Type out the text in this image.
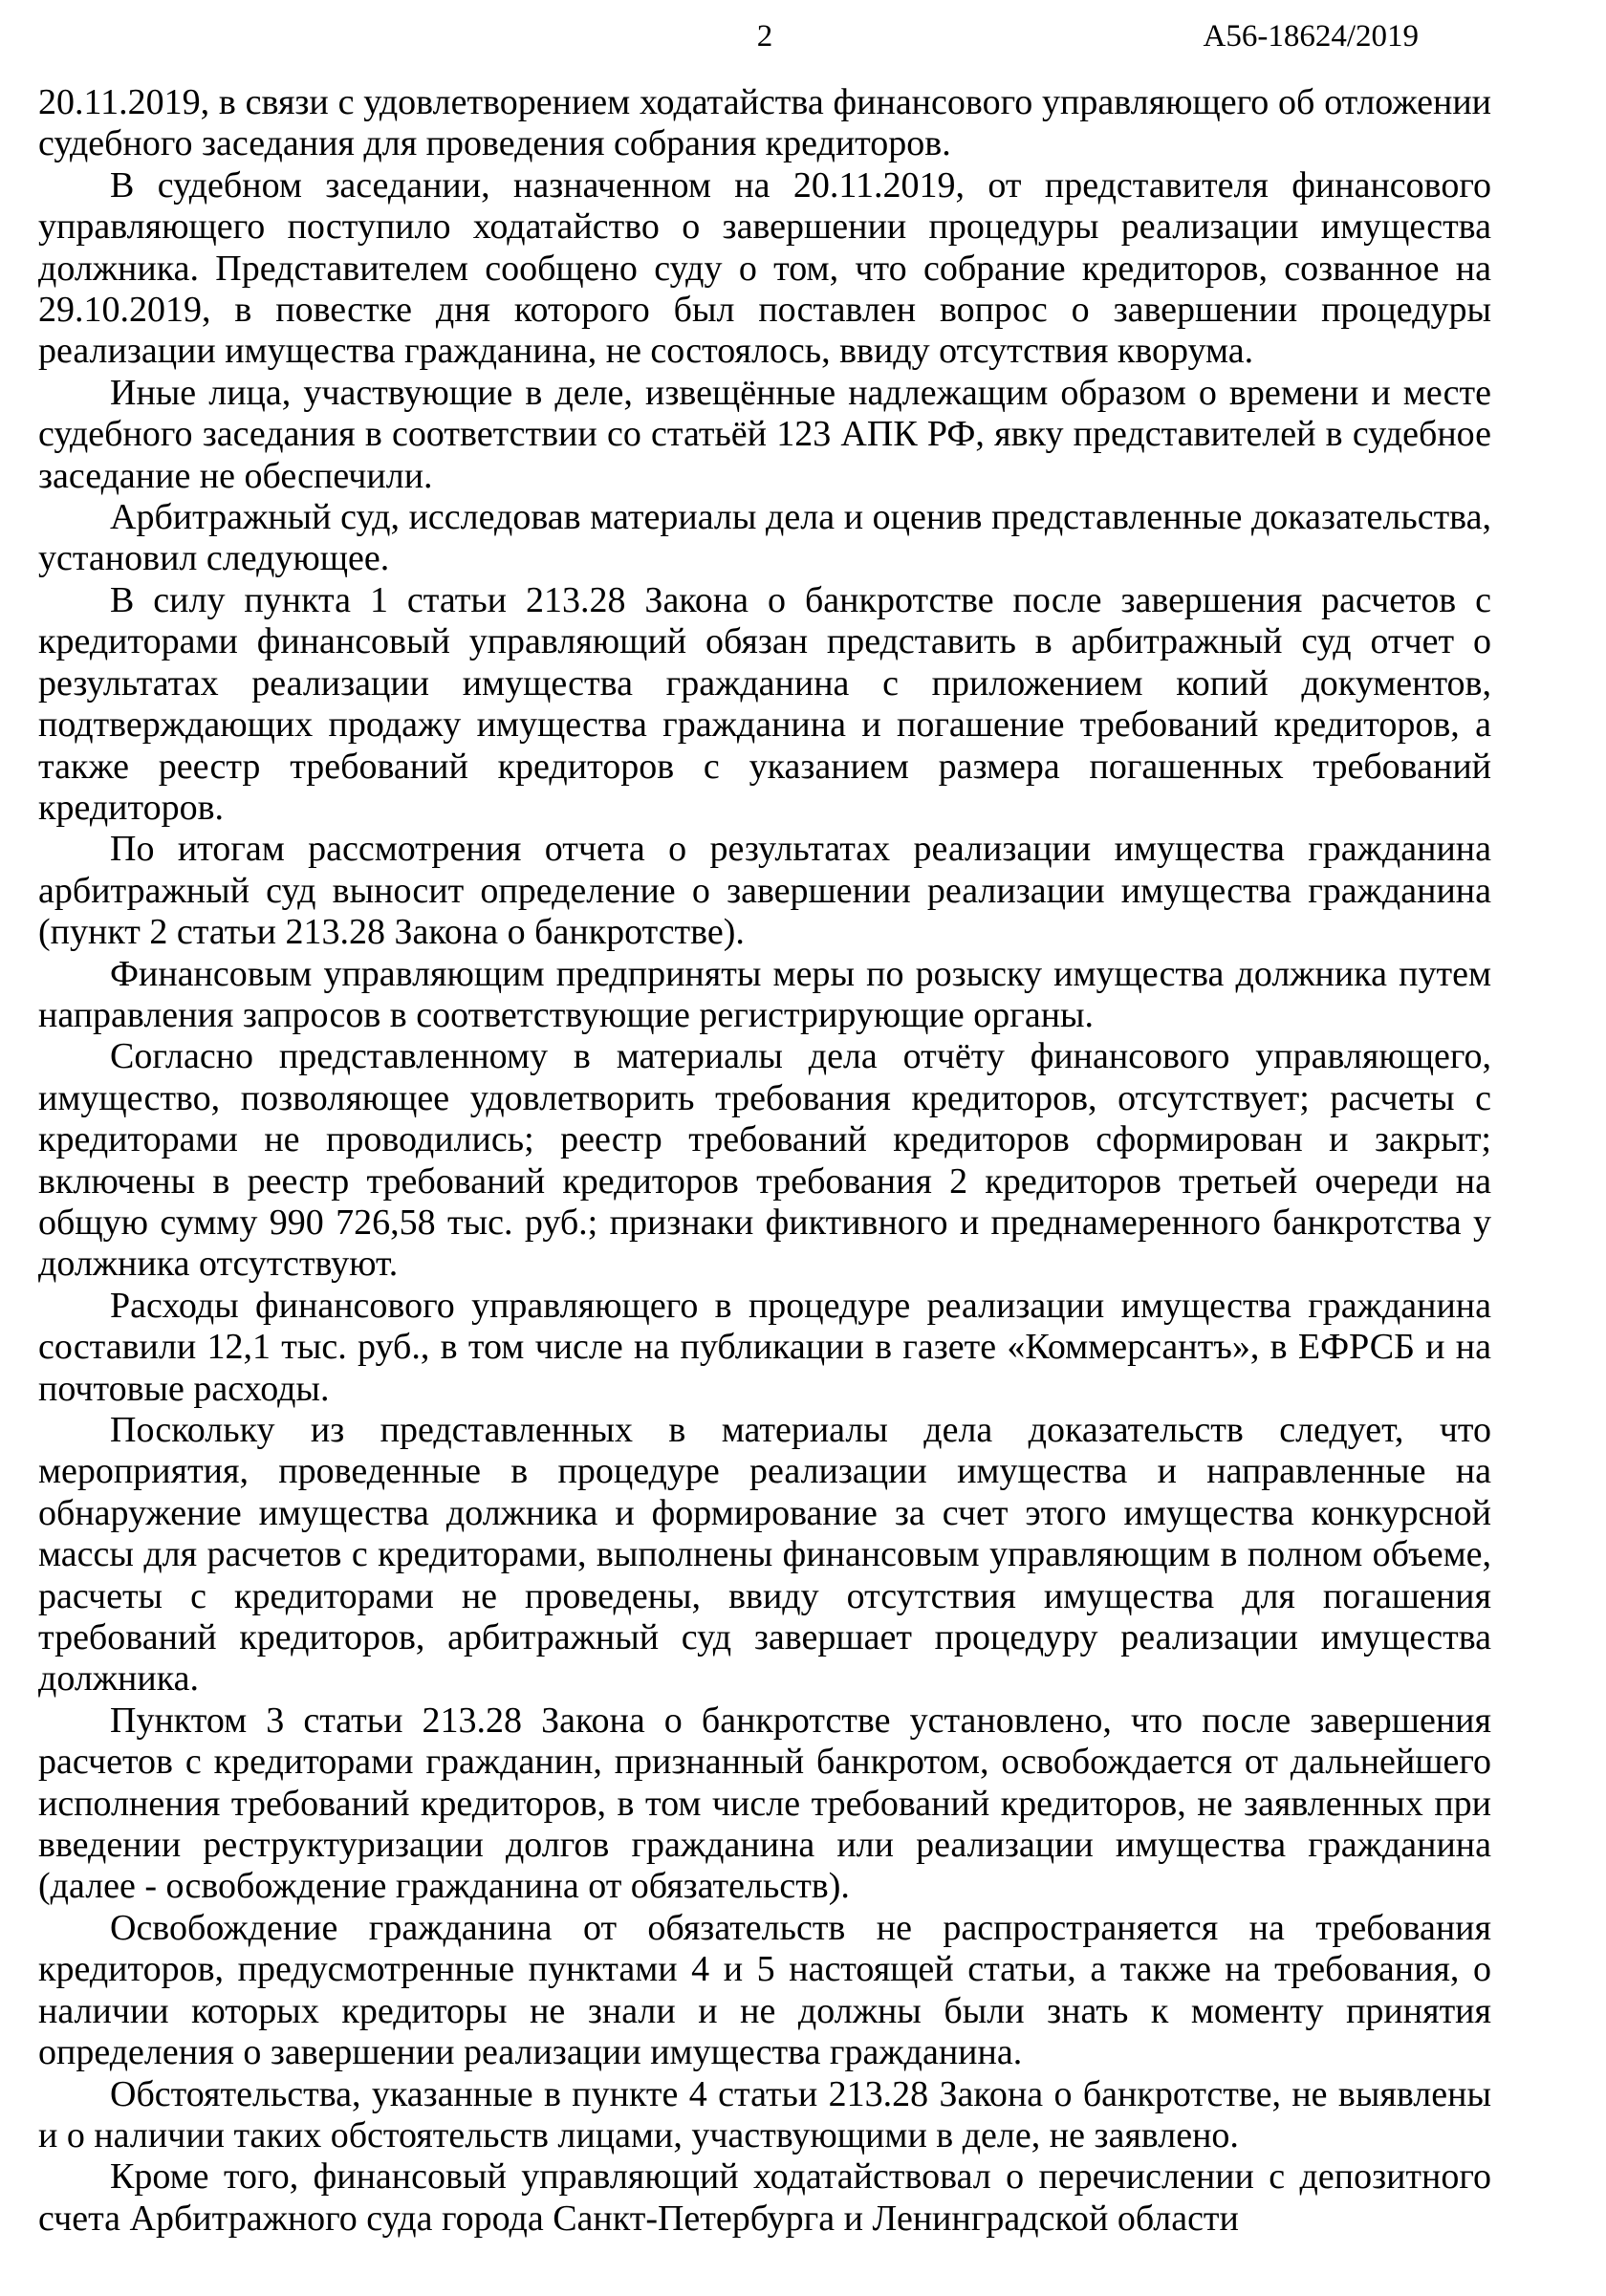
2	А56-18624/2019

20.11.2019, в связи с удовлетворением ходатайства финансового управляющего об отложении судебного заседания для проведения собрания кредиторов.

В судебном заседании, назначенном на 20.11.2019, от представителя финансового управляющего поступило ходатайство о завершении процедуры реализации имущества должника. Представителем сообщено суду о том, что собрание кредиторов, созванное на 29.10.2019, в повестке дня которого был поставлен вопрос о завершении процедуры реализации имущества гражданина, не состоялось, ввиду отсутствия кворума.

Иные лица, участвующие в деле, извещённые надлежащим образом о времени и месте судебного заседания в соответствии со статьёй 123 АПК РФ, явку представителей в судебное заседание не обеспечили.

Арбитражный суд, исследовав материалы дела и оценив представленные доказательства, установил следующее.

В силу пункта 1 статьи 213.28 Закона о банкротстве после завершения расчетов с кредиторами финансовый управляющий обязан представить в арбитражный суд отчет о результатах реализации имущества гражданина с приложением копий документов, подтверждающих продажу имущества гражданина и погашение требований кредиторов, а также реестр требований кредиторов с указанием размера погашенных требований кредиторов.

По итогам рассмотрения отчета о результатах реализации имущества гражданина арбитражный суд выносит определение о завершении реализации имущества гражданина (пункт 2 статьи 213.28 Закона о банкротстве).

Финансовым управляющим предприняты меры по розыску имущества должника путем направления запросов в соответствующие регистрирующие органы.

Согласно представленному в материалы дела отчёту финансового управляющего, имущество, позволяющее удовлетворить требования кредиторов, отсутствует; расчеты с кредиторами не проводились; реестр требований кредиторов сформирован и закрыт; включены в реестр требований кредиторов требования 2 кредиторов третьей очереди на общую сумму 990 726,58 тыс. руб.; признаки фиктивного и преднамеренного банкротства у должника отсутствуют.

Расходы финансового управляющего в процедуре реализации имущества гражданина составили 12,1 тыс. руб., в том числе на публикации в газете «Коммерсантъ», в ЕФРСБ и на почтовые расходы.

Поскольку из представленных в материалы дела доказательств следует, что мероприятия, проведенные в процедуре реализации имущества и направленные на обнаружение имущества должника и формирование за счет этого имущества конкурсной массы для расчетов с кредиторами, выполнены финансовым управляющим в полном объеме, расчеты с кредиторами не проведены, ввиду отсутствия имущества для погашения требований кредиторов, арбитражный суд завершает процедуру реализации имущества должника.

Пунктом 3 статьи 213.28 Закона о банкротстве установлено, что после завершения расчетов с кредиторами гражданин, признанный банкротом, освобождается от дальнейшего исполнения требований кредиторов, в том числе требований кредиторов, не заявленных при введении реструктуризации долгов гражданина или реализации имущества гражданина (далее - освобождение гражданина от обязательств).

Освобождение гражданина от обязательств не распространяется на требования кредиторов, предусмотренные пунктами 4 и 5 настоящей статьи, а также на требования, о наличии которых кредиторы не знали и не должны были знать к моменту принятия определения о завершении реализации имущества гражданина.

Обстоятельства, указанные в пункте 4 статьи 213.28 Закона о банкротстве, не выявлены и о наличии таких обстоятельств лицами, участвующими в деле, не заявлено.

Кроме того, финансовый управляющий ходатайствовал о перечислении с депозитного счета Арбитражного суда города Санкт-Петербурга и Ленинградской области
